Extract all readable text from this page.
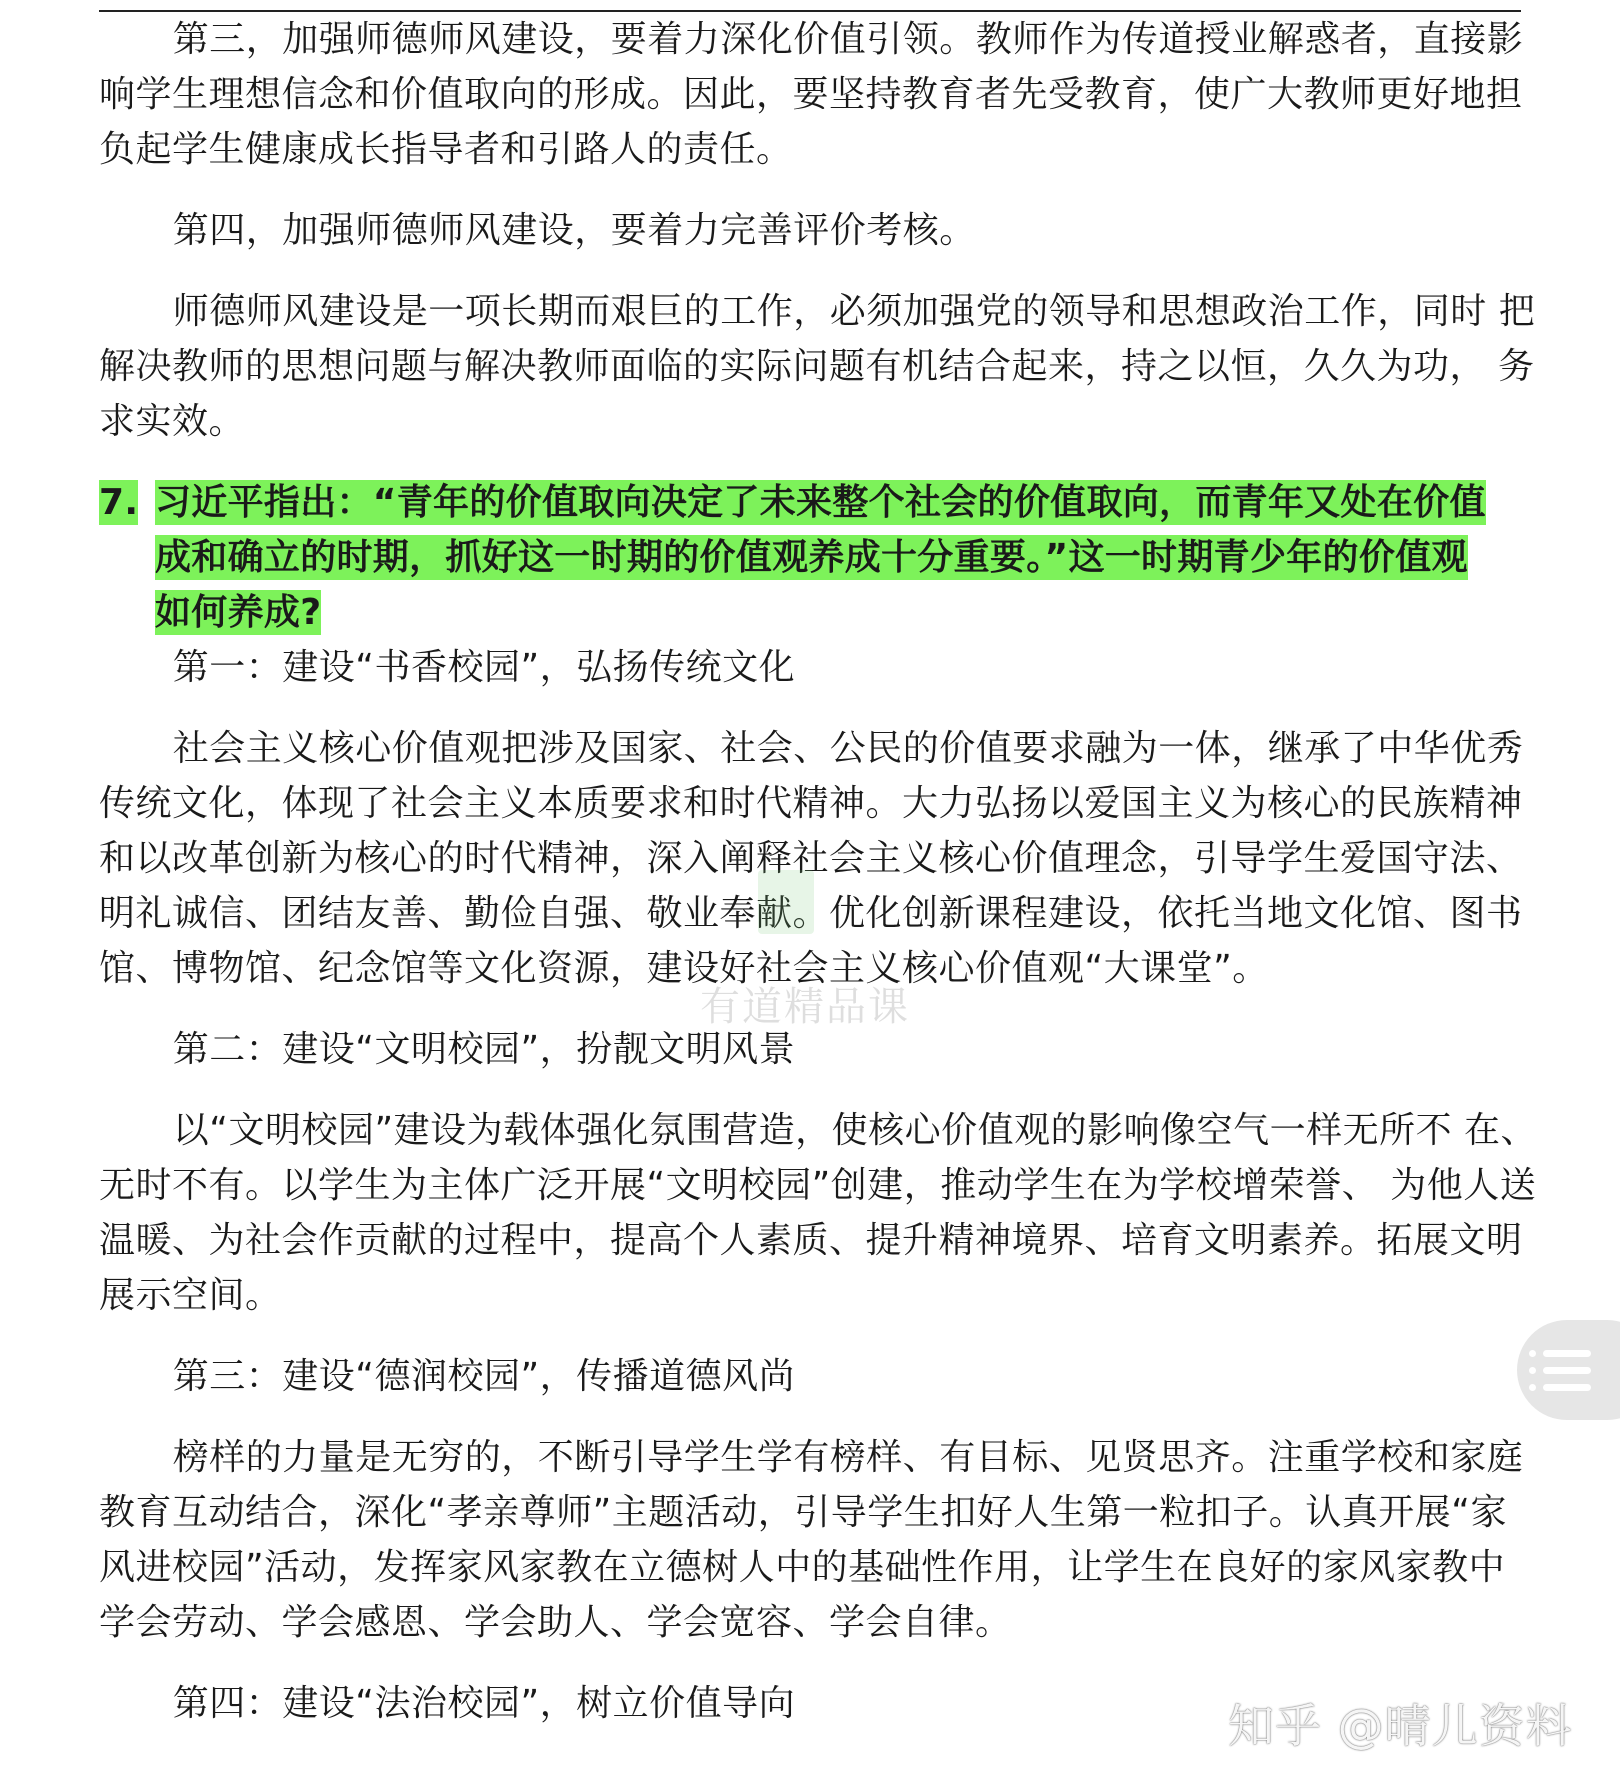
第三，加强师德师风建设，要着力深化价值引领。教师作为传道授业解惑者，直接影响学生理想信念和价值取向的形成。因此，要坚持教育者先受教育，使广大教师更好地担负起学生健康成长指导者和引路人的责任。

第四，加强师德师风建设，要着力完善评价考核。

师德师风建设是一项长期而艰巨的工作，必须加强党的领导和思想政治工作，同时 把解决教师的思想问题与解决教师面临的实际问题有机结合起来，持之以恒，久久为功， 务求实效。

7. 习近平指出：“青年的价值取向决定了未来整个社会的价值取向，而青年又处在价值成和确立的时期，抓好这一时期的价值观养成十分重要。”这一时期青少年的价值观 如何养成?

第一：建设“书香校园”，弘扬传统文化

社会主义核心价值观把涉及国家、社会、公民的价值要求融为一体，继承了中华优秀传统文化，体现了社会主义本质要求和时代精神。大力弘扬以爱国主义为核心的民族精神和以改革创新为核心的时代精神，深入阐释社会主义核心价值理念，引导学生爱国守法、明礼诚信、团结友善、勤俭自强、敬业奉献。优化创新课程建设，依托当地文化馆、图书馆、博物馆、纪念馆等文化资源，建设好社会主义核心价值观“大课堂”。

第二：建设“文明校园”，扮靓文明风景

以“文明校园”建设为载体强化氛围营造，使核心价值观的影响像空气一样无所不 在、无时不有。以学生为主体广泛开展“文明校园”创建，推动学生在为学校增荣誉、 为他人送温暖、为社会作贡献的过程中，提高个人素质、提升精神境界、培育文明素养。拓展文明展示空间。

第三：建设“德润校园”，传播道德风尚

榜样的力量是无穷的，不断引导学生学有榜样、有目标、见贤思齐。注重学校和家庭教育互动结合，深化“孝亲尊师”主题活动，引导学生扣好人生第一粒扣子。认真开展“家风进校园”活动，发挥家风家教在立德树人中的基础性作用，让学生在良好的家风家教中学会劳动、学会感恩、学会助人、学会宽容、学会自律。

第四：建设“法治校园”，树立价值导向

有道精品课
知乎 @晴儿资料
